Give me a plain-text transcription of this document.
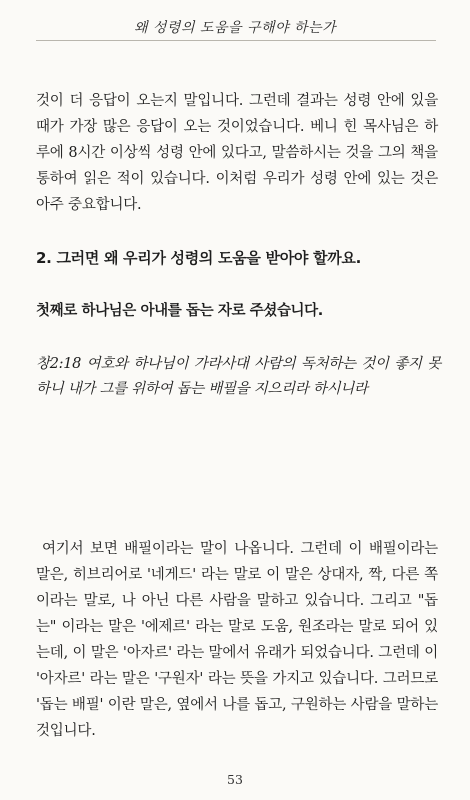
왜 성령의 도움을 구해야 하는가

것이 더 응답이 오는지 말입니다. 그런데 결과는 성령 안에 있을 때가 가장 많은 응답이 오는 것이었습니다. 베니 힌 목사님은 하루에 8시간 이상씩 성령 안에 있다고, 말씀하시는 것을 그의 책을 통하여 읽은 적이 있습니다. 이처럼 우리가 성령 안에 있는 것은 아주 중요합니다.

2. 그러면 왜 우리가 성령의 도움을 받아야 할까요.
첫째로 하나님은 아내를 돕는 자로 주셨습니다.

창2:18 여호와 하나님이 가라사대 사람의 독처하는 것이 좋지 못하니 내가 그를 위하여 돕는 배필을 지으리라 하시니라

여기서 보면 배필이라는 말이 나옵니다. 그런데 이 배필이라는 말은, 히브리어로 '네게드' 라는 말로 이 말은 상대자, 짝, 다른 쪽 이라는 말로, 나 아닌 다른 사람을 말하고 있습니다. 그리고 "돕는" 이라는 말은 '에제르' 라는 말로 도움, 원조라는 말로 되어 있는데, 이 말은 '아자르' 라는 말에서 유래가 되었습니다. 그런데 이 '아자르' 라는 말은 '구원자' 라는 뜻을 가지고 있습니다. 그러므로 '돕는 배필' 이란 말은, 옆에서 나를 돕고, 구원하는 사람을 말하는 것입니다.

53
